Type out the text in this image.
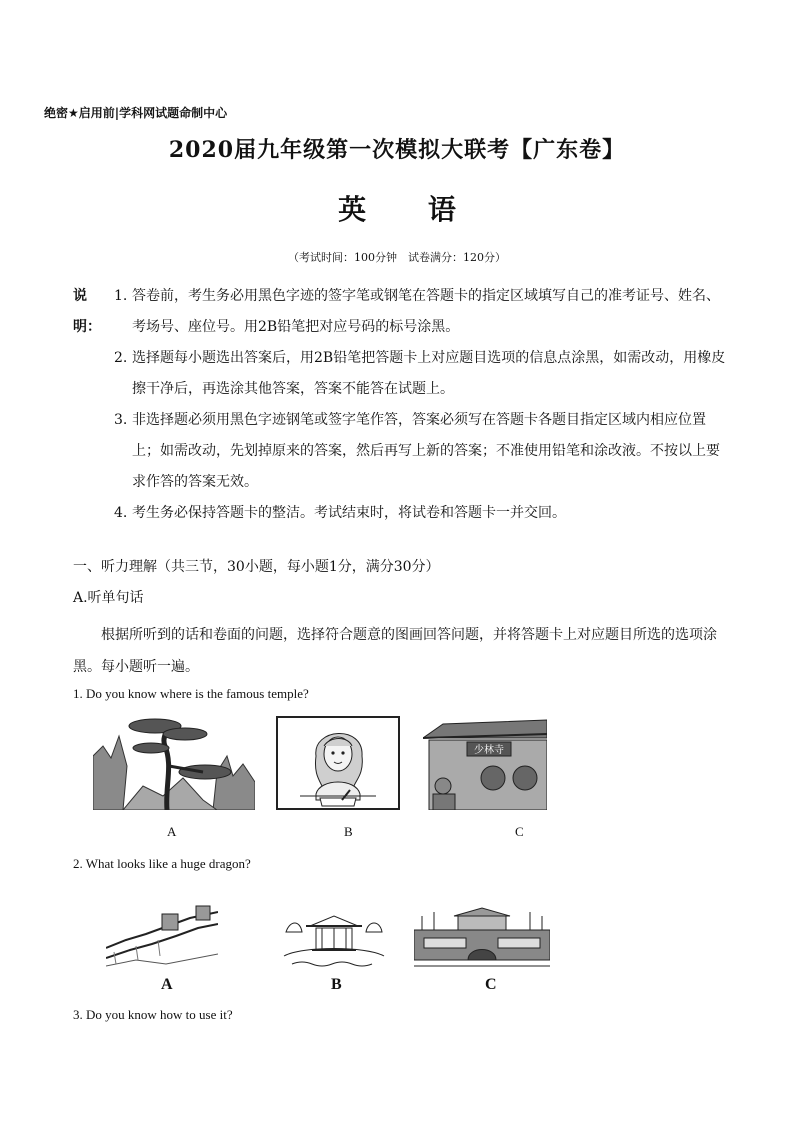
绝密★启用前|学科网试题命制中心
2020届九年级第一次模拟大联考【广东卷】
英 语
（考试时间：100分钟　试卷满分：120分）
说明：
1. 答卷前，考生务必用黑色字迹的签字笔或钢笔在答题卡的指定区域填写自己的准考证号、姓名、考场号、座位号。用2B铅笔把对应号码的标号涂黑。
2. 选择题每小题选出答案后，用2B铅笔把答题卡上对应题目选项的信息点涂黑，如需改动，用橡皮擦干净后，再选涂其他答案，答案不能答在试题上。
3. 非选择题必须用黑色字迹钢笔或签字笔作答，答案必须写在答题卡各题目指定区域内相应位置上；如需改动，先划掉原来的答案，然后再写上新的答案；不准使用铅笔和涂改液。不按以上要求作答的答案无效。
4. 考生务必保持答题卡的整洁。考试结束时，将试卷和答题卡一并交回。
一、听力理解（共三节，30小题，每小题1分，满分30分）
A.听单句话
根据所听到的话和卷面的问题，选择符合题意的图画回答问题，并将答题卡上对应题目所选的选项涂黑。每小题听一遍。
1. Do you know where is the famous temple?
少林寺
A	B	C
2. What looks like a huge dragon?
A	B	C
3. Do you know how to use it?
